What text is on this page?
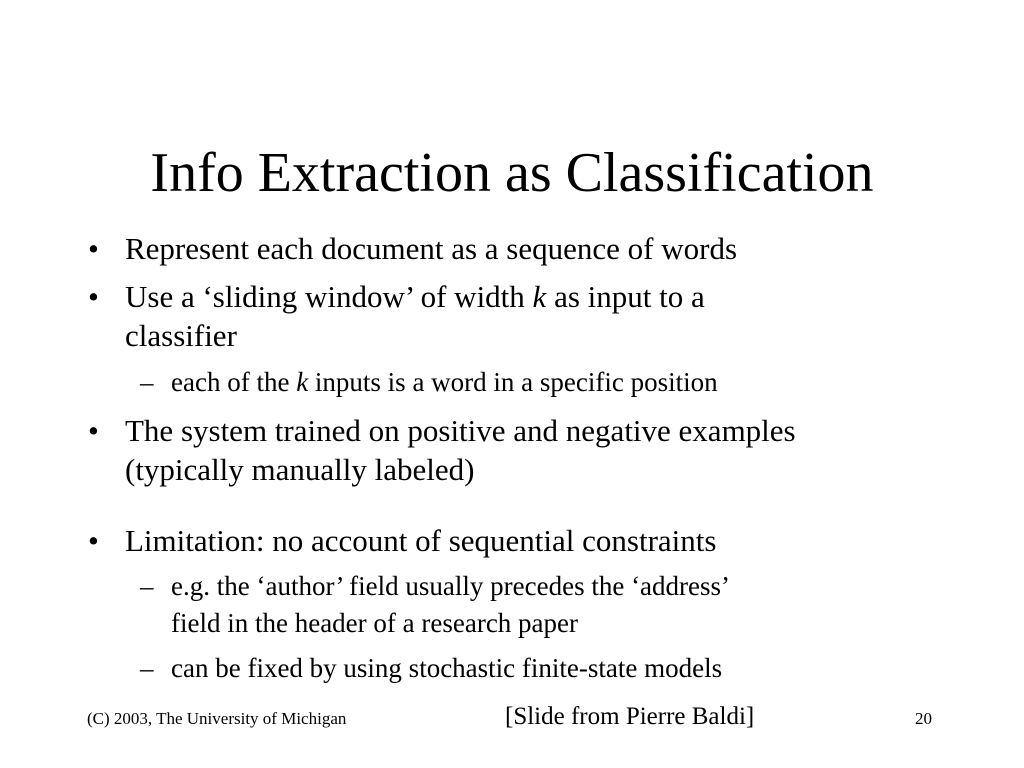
Info Extraction as Classification
• Represent each document as a sequence of words
• Use a ‘sliding window’ of width k as input to a
classifier
– each of the k inputs is a word in a specific position
• The system trained on positive and negative examples
(typically manually labeled)
• Limitation: no account of sequential constraints
– e.g. the ‘author’ field usually precedes the ‘address’
field in the header of a research paper
– can be fixed by using stochastic finite-state models
(C) 2003, The University of Michigan	[Slide from Pierre Baldi]	20
